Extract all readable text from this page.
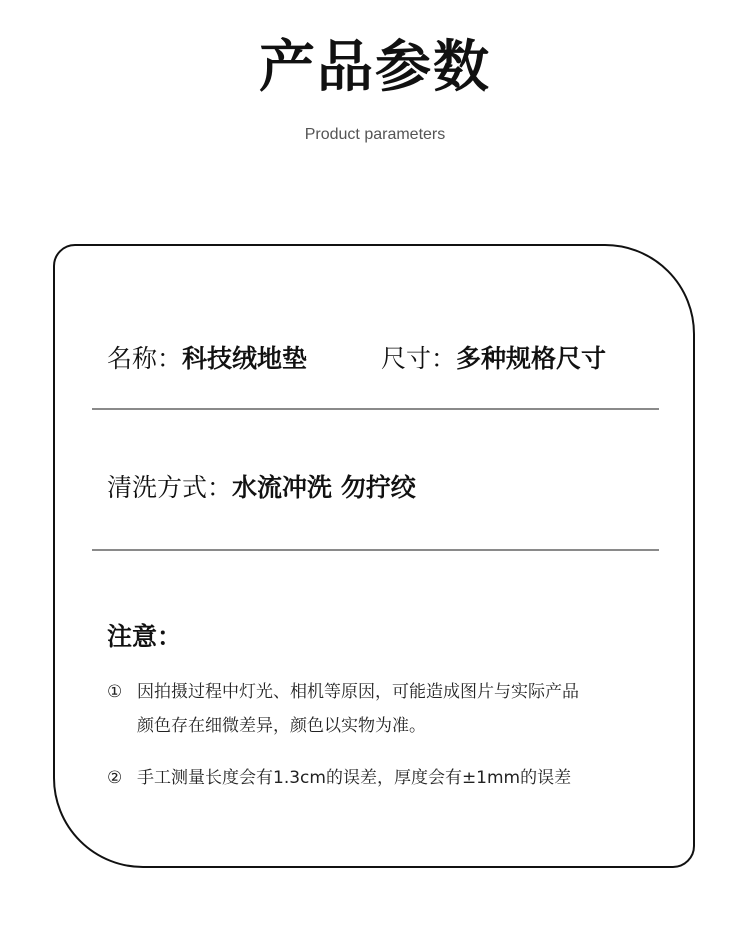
产品参数
Product parameters
名称：科技绒地垫	尺寸：多种规格尺寸
清洗方式：水流冲洗 勿拧绞
注意：
① 因拍摄过程中灯光、相机等原因，可能造成图片与实际产品
颜色存在细微差异，颜色以实物为准。
② 手工测量长度会有1.3cm的误差，厚度会有±1mm的误差
